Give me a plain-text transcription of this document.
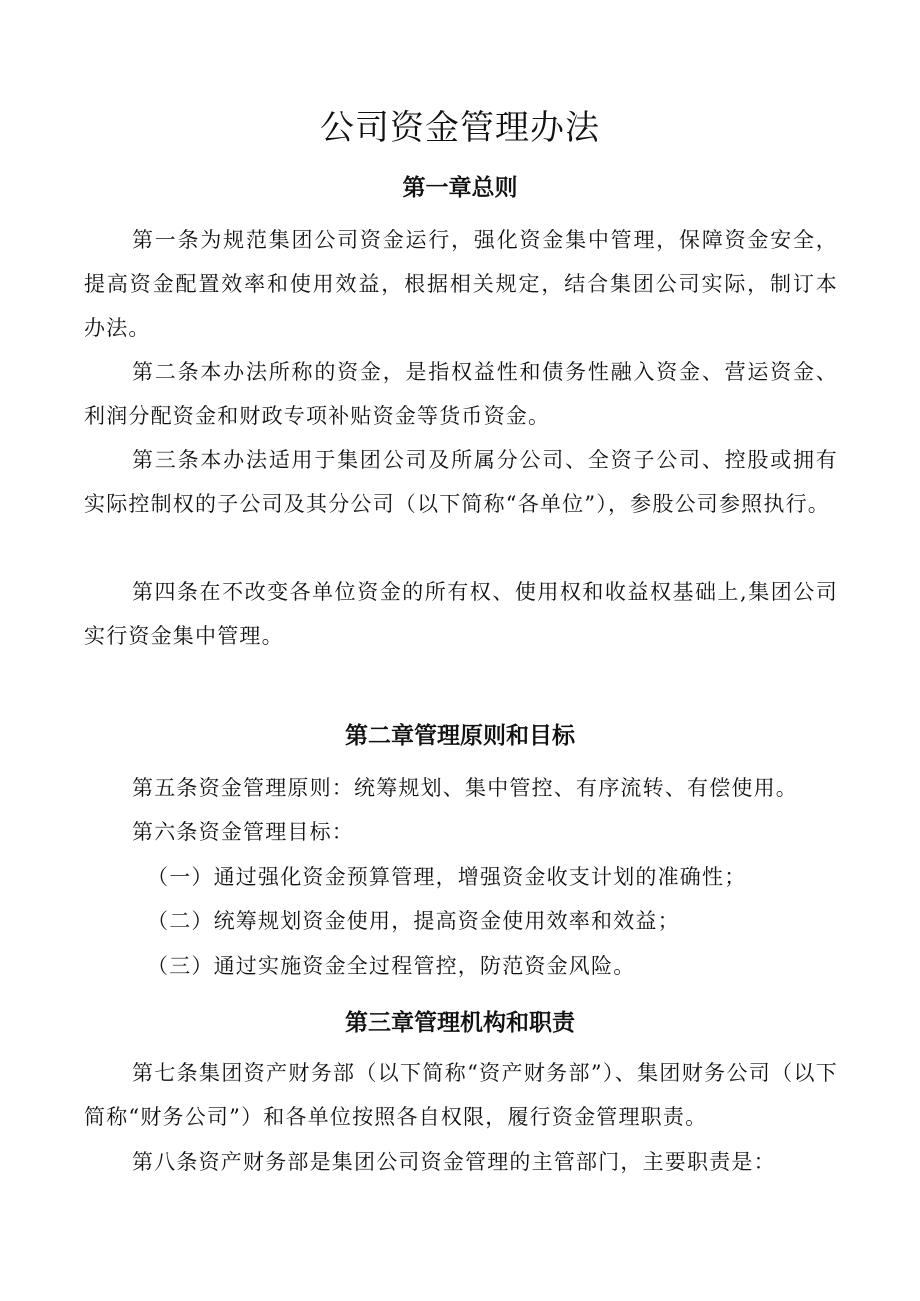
公司资金管理办法
第一章总则

第一条为规范集团公司资金运行，强化资金集中管理，保障资金安全，提高资金配置效率和使用效益，根据相关规定，结合集团公司实际，制订本办法。

第二条本办法所称的资金，是指权益性和债务性融入资金、营运资金、利润分配资金和财政专项补贴资金等货币资金。

第三条本办法适用于集团公司及所属分公司、全资子公司、控股或拥有实际控制权的子公司及其分公司（以下简称“各单位”），参股公司参照执行。

第四条在不改变各单位资金的所有权、使用权和收益权基础上,集团公司实行资金集中管理。

第二章管理原则和目标

第五条资金管理原则：统筹规划、集中管控、有序流转、有偿使用。

第六条资金管理目标：

（一）通过强化资金预算管理，增强资金收支计划的准确性；

（二）统筹规划资金使用，提高资金使用效率和效益；

（三）通过实施资金全过程管控，防范资金风险。

第三章管理机构和职责

第七条集团资产财务部（以下简称“资产财务部”）、集团财务公司（以下简称“财务公司”）和各单位按照各自权限，履行资金管理职责。

第八条资产财务部是集团公司资金管理的主管部门，主要职责是：
